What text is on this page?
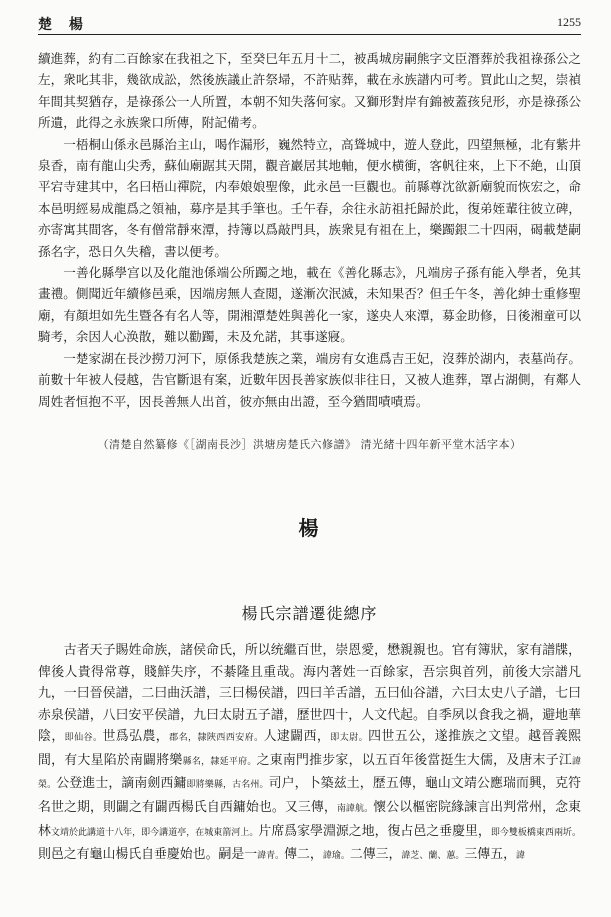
楚 楊	1255

續進葬，約有二百餘家在我祖之下，至癸巳年五月十二，被禹城房嗣熊字文臣潛葬於我祖祿孫公之左，衆叱其非，幾欲成訟，然後族議止許祭埽，不許贴葬，載在永族譜内可考。買此山之契，崇禎年間其契猶存，是祿孫公一人所置，本朝不知失落何家。又獅形對岸有錦被蓋孩兒形，亦是祿孫公所遺，此得之永族衆口所傳，附記備考。

一梧桐山係永邑縣治主山，喝作漏形，巍然特立，高聳城中，遊人登此，四望無極，北有紫井泉香，南有龍山尖秀，蘇仙廟踞其天開，觀音巖居其地軸，便水横衝，客帆往來，上下不絶，山頂平宕寺建其中，名曰梧山禪院，内奉娘娘聖像，此永邑一巨觀也。前縣尊沈欲新廟貌而恢宏之，命本邑明經易成龍爲之領袖，募序是其手筆也。壬午春，余往永訪祖托歸於此，復弟姪輩往彼立碑，亦寄寓其間客，冬有僧常靜來潭，持簿以爲敲門具，族衆見有祖在上，樂躅銀二十四兩，碣載楚嗣孫名字，恐日久失稽，書以便考。

一善化縣學宫以及化龍池係端公所躅之地，載在《善化縣志》，凡端房子孫有能入學者，免其畫禮。側聞近年續修邑乘，因端房無人查閲，遂漸次泯滅，未知果否？但壬午冬，善化紳士重修聖廟，有顏坦如先生暨各有名人等，開湘潭楚姓與善化一家，遂央人來潭，募金助修，日後湘童可以騎考，余因人心涣散，難以勸躅，未及允諾，其事遂寢。

一楚家湖在長沙撈刀河下，原係我楚族之業，端房有女進爲吉王妃，沒葬於湖内，表墓尚存。前數十年被人侵越，告官斷退有案，近數年因長善家族似非往日，又被人進葬，罩占湖側，有鄰人周姓者恒抱不平，因長善無人出首，彼亦無由出證，至今猶間嘖嘖焉。

（清楚自然纂修《［湖南長沙］洪塘房楚氏六修譜》 清光緒十四年新平堂木活字本）
楊
楊氏宗譜遷徙總序

古者天子賜姓命族，諸侯命氏，所以统繼百世，崇恩愛，懋親親也。官有簿狀，家有譜牒，俾後人貴得常尊，賤鮮失序，不綦隆且重哉。海内著姓一百餘家，吾宗與首列，前後大宗譜凡九，一曰晉侯譜，二曰曲沃譜，三曰楊侯譜，四曰羊舌譜，五曰仙谷譜，六曰太史八子譜，七曰赤泉侯譜，八曰安平侯譜，九曰太尉五子譜，歷世四十，人文代起。自季夙以食我之禍，避地華陰，即仙谷。世爲弘農，郡名，隸陜西西安府。人逮闢西，即太尉。四世五公，遂推族之文望。越晉義熙間，有大星陷於南闢將樂縣名，隸延平府。之東南門推步家，以五百年後當挺生大儒，及唐末子江諱榮。公登進士，謫南劍西鏞即將樂縣，古名州。司户，卜築兹土，歷五傳，龜山文靖公應瑞而興，克符名世之期，則闢之有闢西楊氏自西鏞始也。又三傳，南諱航。懷公以樞密院緣諫言出判常州，念東林文靖於此講道十八年，即今講道亭，在城東箭河上。片席爲家學淵源之地，復占邑之垂慶里，即今雙板橋東西兩圻。則邑之有龜山楊氏自垂慶始也。嗣是一諱青。傳二，諱瑜。二傳三，諱芝、蘭、蕙。三傳五，諱
